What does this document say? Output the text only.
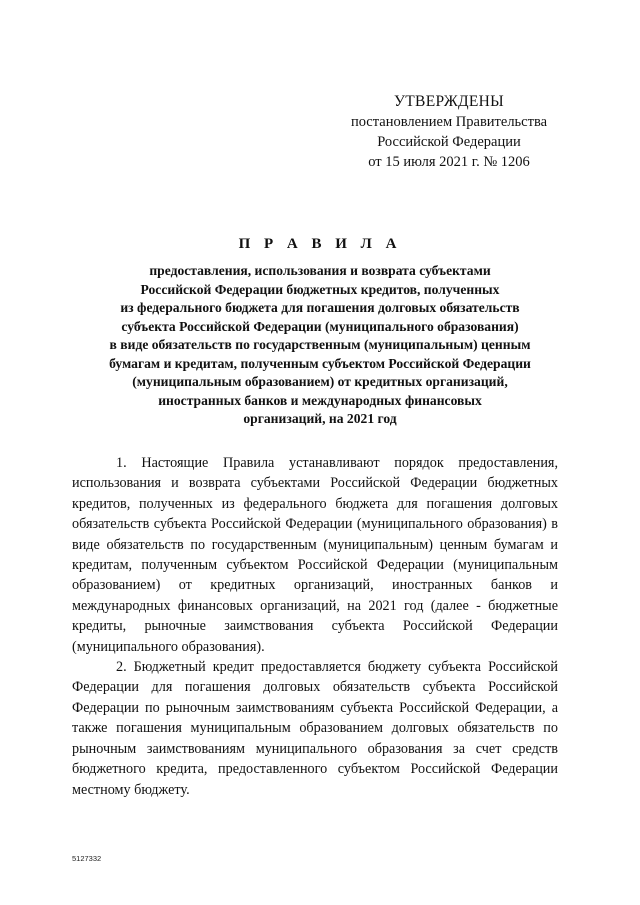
УТВЕРЖДЕНЫ
постановлением Правительства
Российской Федерации
от 15 июля 2021 г. № 1206
П Р А В И Л А
предоставления, использования и возврата субъектами
Российской Федерации бюджетных кредитов, полученных
из федерального бюджета для погашения долговых обязательств
субъекта Российской Федерации (муниципального образования)
в виде обязательств по государственным (муниципальным) ценным
бумагам и кредитам, полученным субъектом Российской Федерации
(муниципальным образованием) от кредитных организаций,
иностранных банков и международных финансовых
организаций, на 2021 год

1. Настоящие Правила устанавливают порядок предоставления, использования и возврата субъектами Российской Федерации бюджетных кредитов, полученных из федерального бюджета для погашения долговых обязательств субъекта Российской Федерации (муниципального образования) в виде обязательств по государственным (муниципальным) ценным бумагам и кредитам, полученным субъектом Российской Федерации (муниципальным образованием) от кредитных организаций, иностранных банков и международных финансовых организаций, на 2021 год (далее - бюджетные кредиты, рыночные заимствования субъекта Российской Федерации (муниципального образования).

2. Бюджетный кредит предоставляется бюджету субъекта Российской Федерации для погашения долговых обязательств субъекта Российской Федерации по рыночным заимствованиям субъекта Российской Федерации, а также погашения муниципальным образованием долговых обязательств по рыночным заимствованиям муниципального образования за счет средств бюджетного кредита, предоставленного субъектом Российской Федерации местному бюджету.

5127332
